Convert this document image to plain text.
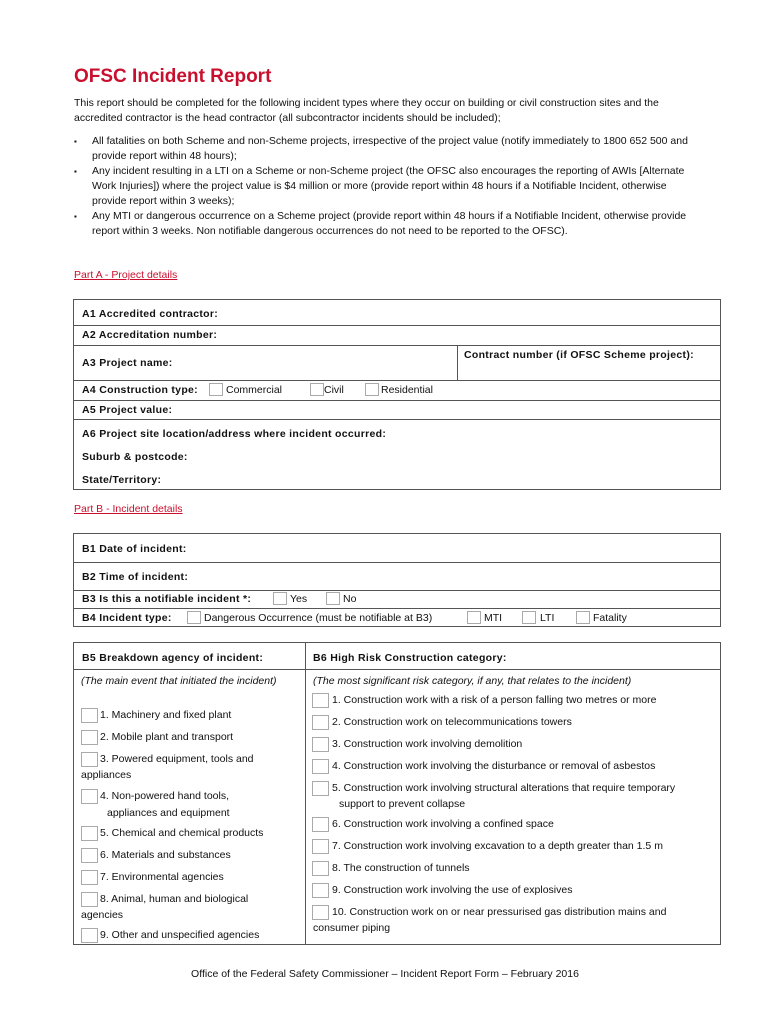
OFSC Incident Report
This report should be completed for the following incident types where they occur on building or civil construction sites and the accredited contractor is the head contractor (all subcontractor incidents should be included);
▪ All fatalities on both Scheme and non-Scheme projects, irrespective of the project value (notify immediately to 1800 652 500 and provide report within 48 hours);
▪ Any incident resulting in a LTI on a Scheme or non-Scheme project (the OFSC also encourages the reporting of AWIs [Alternate Work Injuries]) where the project value is $4 million or more (provide report within 48 hours if a Notifiable Incident, otherwise provide report within 3 weeks);
▪ Any MTI or dangerous occurrence on a Scheme project (provide report within 48 hours if a Notifiable Incident, otherwise provide report within 3 weeks. Non notifiable dangerous occurrences do not need to be reported to the OFSC).
Part A - Project details
A1 Accredited contractor:
A2 Accreditation number:
A3 Project name:
Contract number (if OFSC Scheme project):
A4 Construction type:	Commercial	Civil	Residential
A5 Project value:
A6 Project site location/address where incident occurred:
Suburb & postcode:
State/Territory:
Part B - Incident details
B1 Date of incident:
B2 Time of incident:
B3 Is this a notifiable incident *:	Yes	No
B4 Incident type:	Dangerous Occurrence (must be notifiable at B3)	MTI	LTI	Fatality
B5 Breakdown agency of incident:	B6 High Risk Construction category:
(The main event that initiated the incident)
1. Machinery and fixed plant
2. Mobile plant and transport
3. Powered equipment, tools and
appliances
4. Non-powered hand tools,
appliances and equipment
5. Chemical and chemical products
6. Materials and substances
7. Environmental agencies
8. Animal, human and biological
agencies
9. Other and unspecified agencies
(The most significant risk category, if any, that relates to the incident)
1. Construction work with a risk of a person falling two metres or more
2. Construction work on telecommunications towers
3. Construction work involving demolition
4. Construction work involving the disturbance or removal of asbestos
5. Construction work involving structural alterations that require temporary
support to prevent collapse
6. Construction work involving a confined space
7. Construction work involving excavation to a depth greater than 1.5 m
8. The construction of tunnels
9. Construction work involving the use of explosives
10. Construction work on or near pressurised gas distribution mains and
consumer piping
Office of the Federal Safety Commissioner – Incident Report Form – February 2016
